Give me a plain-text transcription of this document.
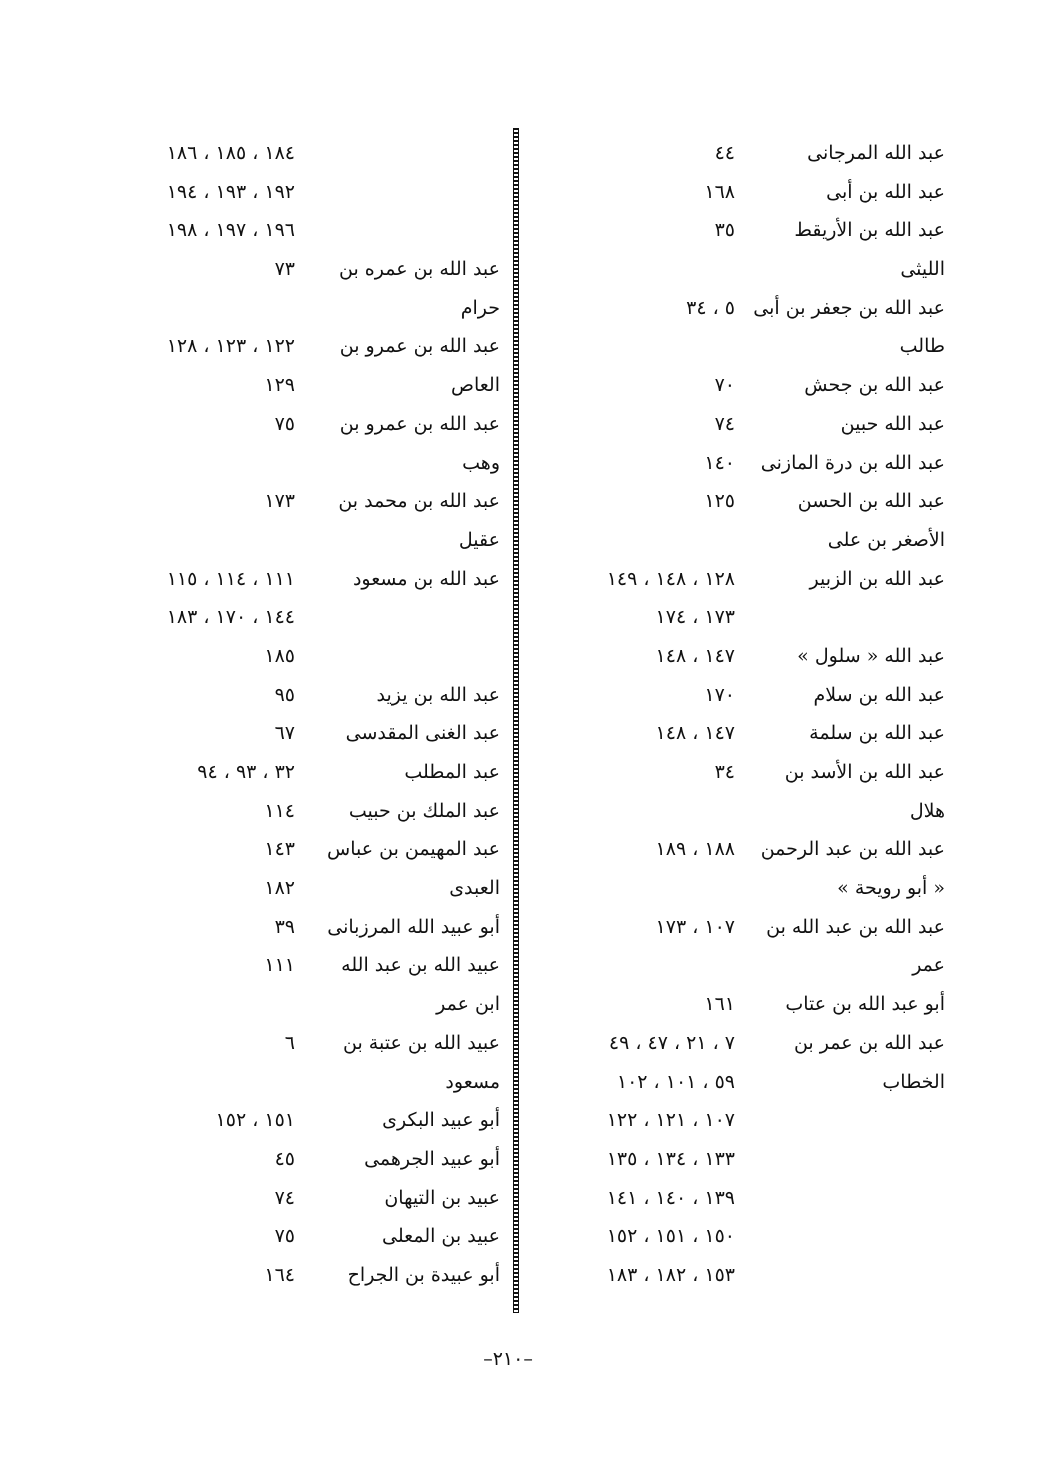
عبد الله المرجانى
٤٤
عبد الله بن أبى
١٦٨
عبد الله بن الأريقط
٣٥
الليثى
عبد الله بن جعفر بن أبى
٥ ، ٣٤
طالب
عبد الله بن جحش
٧٠
عبد الله حبين
٧٤
عبد الله بن درة المازنى
١٤٠
عبد الله بن الحسن
١٢٥
الأصغر بن على
عبد الله بن الزبير
١٢٨ ، ١٤٨ ، ١٤٩
١٧٣ ، ١٧٤
عبد الله « سلول »
١٤٧ ، ١٤٨
عبد الله بن سلام
١٧٠
عبد الله بن سلمة
١٤٧ ، ١٤٨
عبد الله بن الأسد بن
٣٤
هلال
عبد الله بن عبد الرحمن
١٨٨ ، ١٨٩
« أبو رويحة »
عبد الله بن عبد الله بن
١٠٧ ، ١٧٣
عمر
أبو عبد الله بن عتاب
١٦١
عبد الله بن عمر بن
٧ ، ٢١ ، ٤٧ ، ٤٩
الخطاب
٥٩ ، ١٠١ ، ١٠٢
١٠٧ ، ١٢١ ، ١٢٢
١٣٣ ، ١٣٤ ، ١٣٥
١٣٩ ، ١٤٠ ، ١٤١
١٥٠ ، ١٥١ ، ١٥٢
١٥٣ ، ١٨٢ ، ١٨٣
١٨٤ ، ١٨٥ ، ١٨٦
١٩٢ ، ١٩٣ ، ١٩٤
١٩٦ ، ١٩٧ ، ١٩٨
عبد الله بن عمره بن
٧٣
حرام
عبد الله بن عمرو بن
١٢٢ ، ١٢٣ ، ١٢٨
العاص
١٢٩
عبد الله بن عمرو بن
٧٥
وهب
عبد الله بن محمد بن
١٧٣
عقيل
عبد الله بن مسعود
١١١ ، ١١٤ ، ١١٥
١٤٤ ، ١٧٠ ، ١٨٣
١٨٥
عبد الله بن يزيد
٩٥
عبد الغنى المقدسى
٦٧
عبد المطلب
٣٢ ، ٩٣ ، ٩٤
عبد الملك بن حبيب
١١٤
عبد المهيمن بن عباس
١٤٣
العبدى
١٨٢
أبو عبيد الله المرزبانى
٣٩
عبيد الله بن عبد الله
١١١
ابن عمر
عبيد الله بن عتبة بن
٦
مسعود
أبو عبيد البكرى
١٥١ ، ١٥٢
أبو عبيد الجرهمى
٤٥
عبيد بن التيهان
٧٤
عبيد بن المعلى
٧٥
أبو عبيدة بن الجراح
١٦٤
–٢١٠–
